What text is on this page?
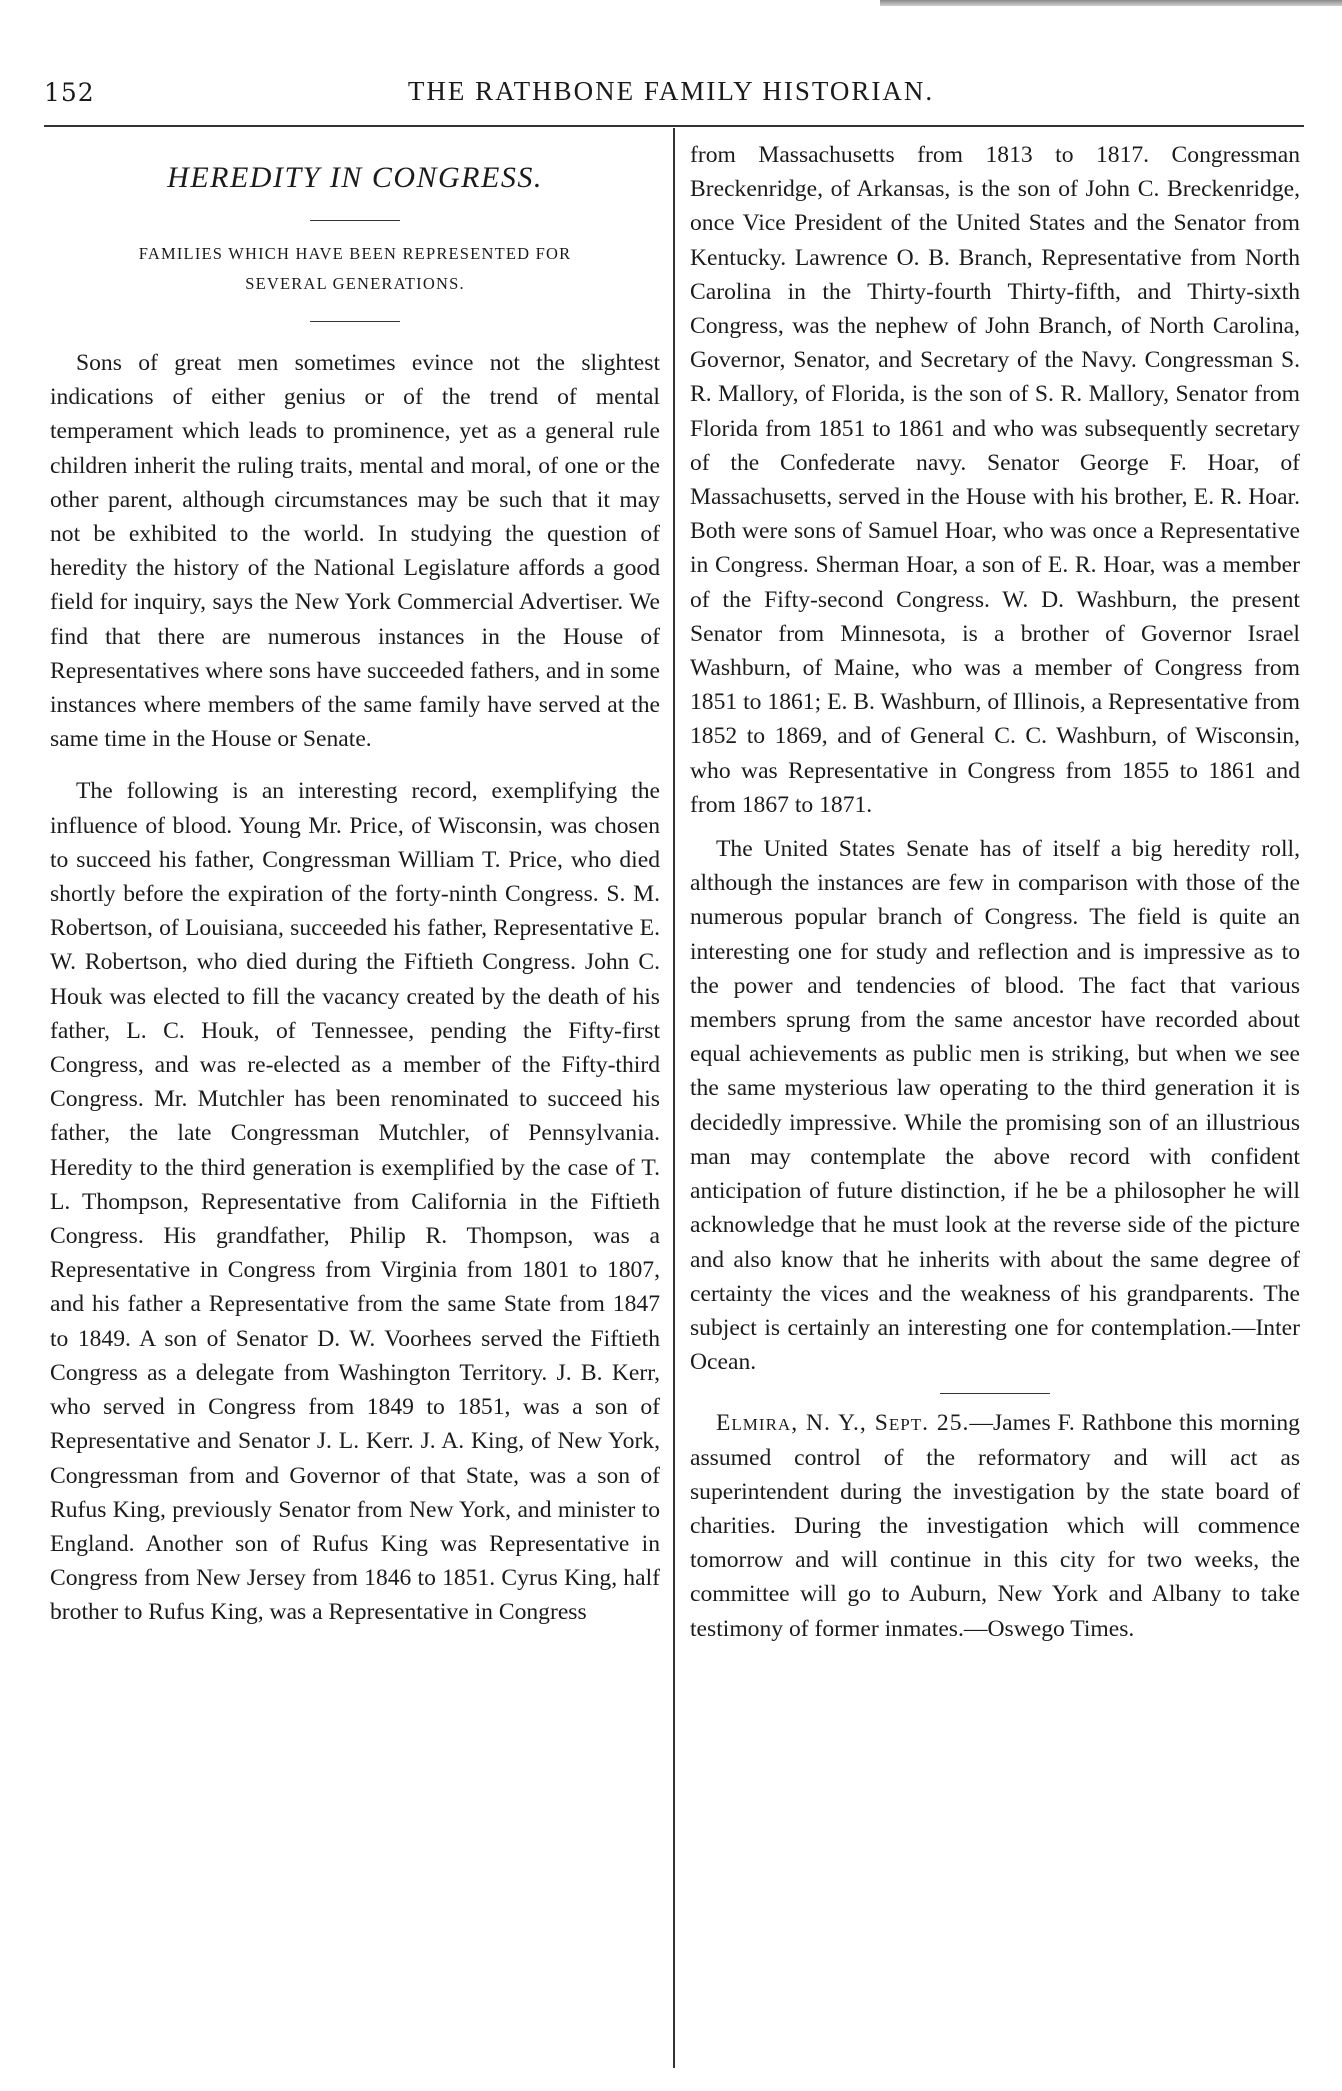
152	THE RATHBONE FAMILY HISTORIAN.
HEREDITY IN CONGRESS.
FAMILIES WHICH HAVE BEEN REPRESENTED FOR
SEVERAL GENERATIONS.

Sons of great men sometimes evince not the slightest indications of either genius or of the trend of mental temperament which leads to prominence, yet as a general rule children inherit the ruling traits, mental and moral, of one or the other parent, although circumstances may be such that it may not be exhibited to the world. In studying the question of heredity the history of the National Legislature affords a good field for inquiry, says the New York Commercial Advertiser. We find that there are numerous instances in the House of Representatives where sons have succeeded fathers, and in some instances where members of the same family have served at the same time in the House or Senate.

The following is an interesting record, exemplifying the influence of blood. Young Mr. Price, of Wisconsin, was chosen to succeed his father, Congressman William T. Price, who died shortly before the expiration of the forty-ninth Congress. S. M. Robertson, of Louisiana, succeeded his father, Representative E. W. Robertson, who died during the Fiftieth Congress. John C. Houk was elected to fill the vacancy created by the death of his father, L. C. Houk, of Tennessee, pending the Fifty-first Congress, and was re-elected as a member of the Fifty-third Congress. Mr. Mutchler has been renominated to succeed his father, the late Congressman Mutchler, of Pennsylvania. Heredity to the third generation is exemplified by the case of T. L. Thompson, Representative from California in the Fiftieth Congress. His grandfather, Philip R. Thompson, was a Representative in Congress from Virginia from 1801 to 1807, and his father a Representative from the same State from 1847 to 1849. A son of Senator D. W. Voorhees served the Fiftieth Congress as a delegate from Washington Territory. J. B. Kerr, who served in Congress from 1849 to 1851, was a son of Representative and Senator J. L. Kerr. J. A. King, of New York, Congressman from and Governor of that State, was a son of Rufus King, previously Senator from New York, and minister to England. Another son of Rufus King was Representative in Congress from New Jersey from 1846 to 1851. Cyrus King, half brother to Rufus King, was a Representative in Congress

from Massachusetts from 1813 to 1817. Congressman Breckenridge, of Arkansas, is the son of John C. Breckenridge, once Vice President of the United States and the Senator from Kentucky. Lawrence O. B. Branch, Representative from North Carolina in the Thirty-fourth Thirty-fifth, and Thirty-sixth Congress, was the nephew of John Branch, of North Carolina, Governor, Senator, and Secretary of the Navy. Congressman S. R. Mallory, of Florida, is the son of S. R. Mallory, Senator from Florida from 1851 to 1861 and who was subsequently secretary of the Confederate navy. Senator George F. Hoar, of Massachusetts, served in the House with his brother, E. R. Hoar. Both were sons of Samuel Hoar, who was once a Representative in Congress. Sherman Hoar, a son of E. R. Hoar, was a member of the Fifty-second Congress. W. D. Washburn, the present Senator from Minnesota, is a brother of Governor Israel Washburn, of Maine, who was a member of Congress from 1851 to 1861; E. B. Washburn, of Illinois, a Representative from 1852 to 1869, and of General C. C. Washburn, of Wisconsin, who was Representative in Congress from 1855 to 1861 and from 1867 to 1871.

The United States Senate has of itself a big heredity roll, although the instances are few in comparison with those of the numerous popular branch of Congress. The field is quite an interesting one for study and reflection and is impressive as to the power and tendencies of blood. The fact that various members sprung from the same ancestor have recorded about equal achievements as public men is striking, but when we see the same mysterious law operating to the third generation it is decidedly impressive. While the promising son of an illustrious man may contemplate the above record with confident anticipation of future distinction, if he be a philosopher he will acknowledge that he must look at the reverse side of the picture and also know that he inherits with about the same degree of certainty the vices and the weakness of his grandparents. The subject is certainly an interesting one for contemplation.—Inter Ocean.

Elmira, N. Y., Sept. 25.—James F. Rathbone this morning assumed control of the reformatory and will act as superintendent during the investigation by the state board of charities. During the investigation which will commence tomorrow and will continue in this city for two weeks, the committee will go to Auburn, New York and Albany to take testimony of former inmates.—Oswego Times.
